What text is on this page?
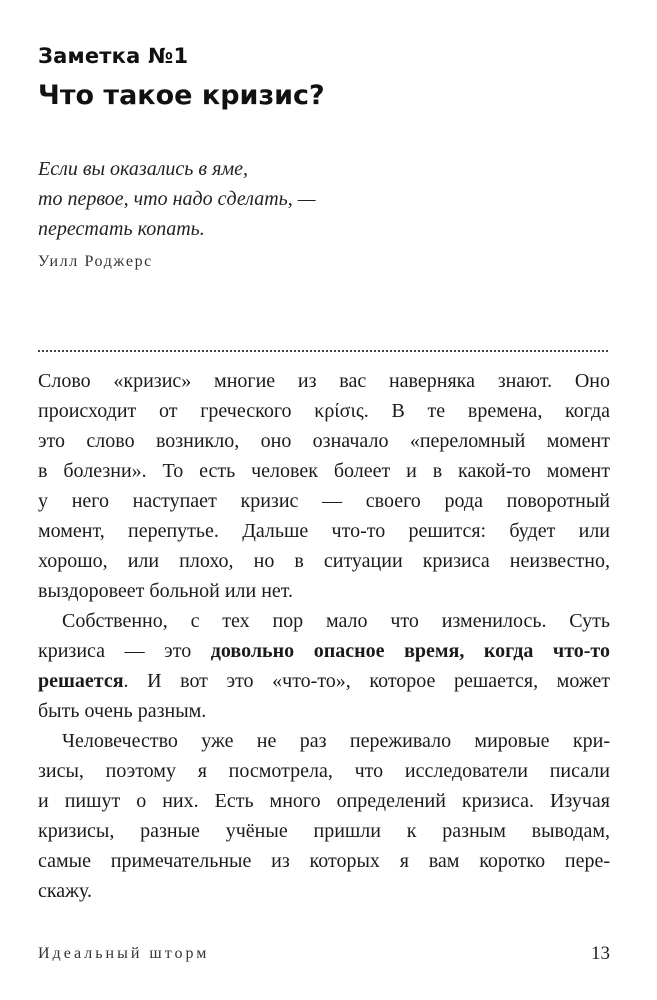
Заметка №1
Что такое кризис?
Если вы оказались в яме,
то первое, что надо сделать, —
перестать копать.
Уилл Роджерс
Слово «кризис» многие из вас наверняка знают. Оно
происходит от греческого κρίσις. В те времена, когда
это слово возникло, оно означало «переломный момент
в болезни». То есть человек болеет и в какой-то момент
у него наступает кризис — своего рода поворотный
момент, перепутье. Дальше что-то решится: будет или
хорошо, или плохо, но в ситуации кризиса неизвестно,
выздоровеет больной или нет.
Собственно, с тех пор мало что изменилось. Суть
кризиса — это довольно опасное время, когда что-то
решается. И вот это «что-то», которое решается, может
быть очень разным.
Человечество уже не раз переживало мировые кри-
зисы, поэтому я посмотрела, что исследователи писали
и пишут о них. Есть много определений кризиса. Изучая
кризисы, разные учёные пришли к разным выводам,
самые примечательные из которых я вам коротко пере-
скажу.
Идеальный шторм	13
